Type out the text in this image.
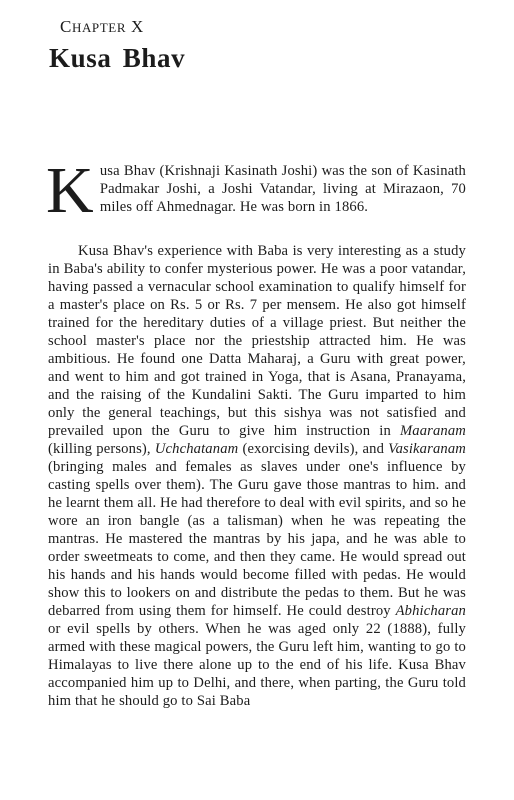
CHAPTER X
Kusa Bhav
Kusa Bhav (Krishnaji Kasinath Joshi) was the son of Kasinath Padmakar Joshi, a Joshi Vatandar, living at Mirazaon, 70 miles off Ahmednagar. He was born in 1866.

Kusa Bhav's experience with Baba is very interesting as a study in Baba's ability to confer mysterious power. He was a poor vatandar, having passed a vernacular school examination to qualify himself for a master's place on Rs. 5 or Rs. 7 per mensem. He also got himself trained for the hereditary duties of a village priest. But neither the school master's place nor the priestship attracted him. He was ambitious. He found one Datta Maharaj, a Guru with great power, and went to him and got trained in Yoga, that is Asana, Pranayama, and the raising of the Kundalini Sakti. The Guru imparted to him only the general teachings, but this sishya was not satisfied and prevailed upon the Guru to give him instruction in Maaranam (killing persons), Uchchatanam (exorcising devils), and Vasikaranam (bringing males and females as slaves under one's influence by casting spells over them). The Guru gave those mantras to him. and he learnt them all. He had therefore to deal with evil spirits, and so he wore an iron bangle (as a talisman) when he was repeating the mantras. He mastered the mantras by his japa, and he was able to order sweetmeats to come, and then they came. He would spread out his hands and his hands would become filled with pedas. He would show this to lookers on and distribute the pedas to them. But he was debarred from using them for himself. He could destroy Abhicharan or evil spells by others. When he was aged only 22 (1888), fully armed with these magical powers, the Guru left him, wanting to go to Himalayas to live there alone up to the end of his life. Kusa Bhav accompanied him up to Delhi, and there, when parting, the Guru told him that he should go to Sai Baba
